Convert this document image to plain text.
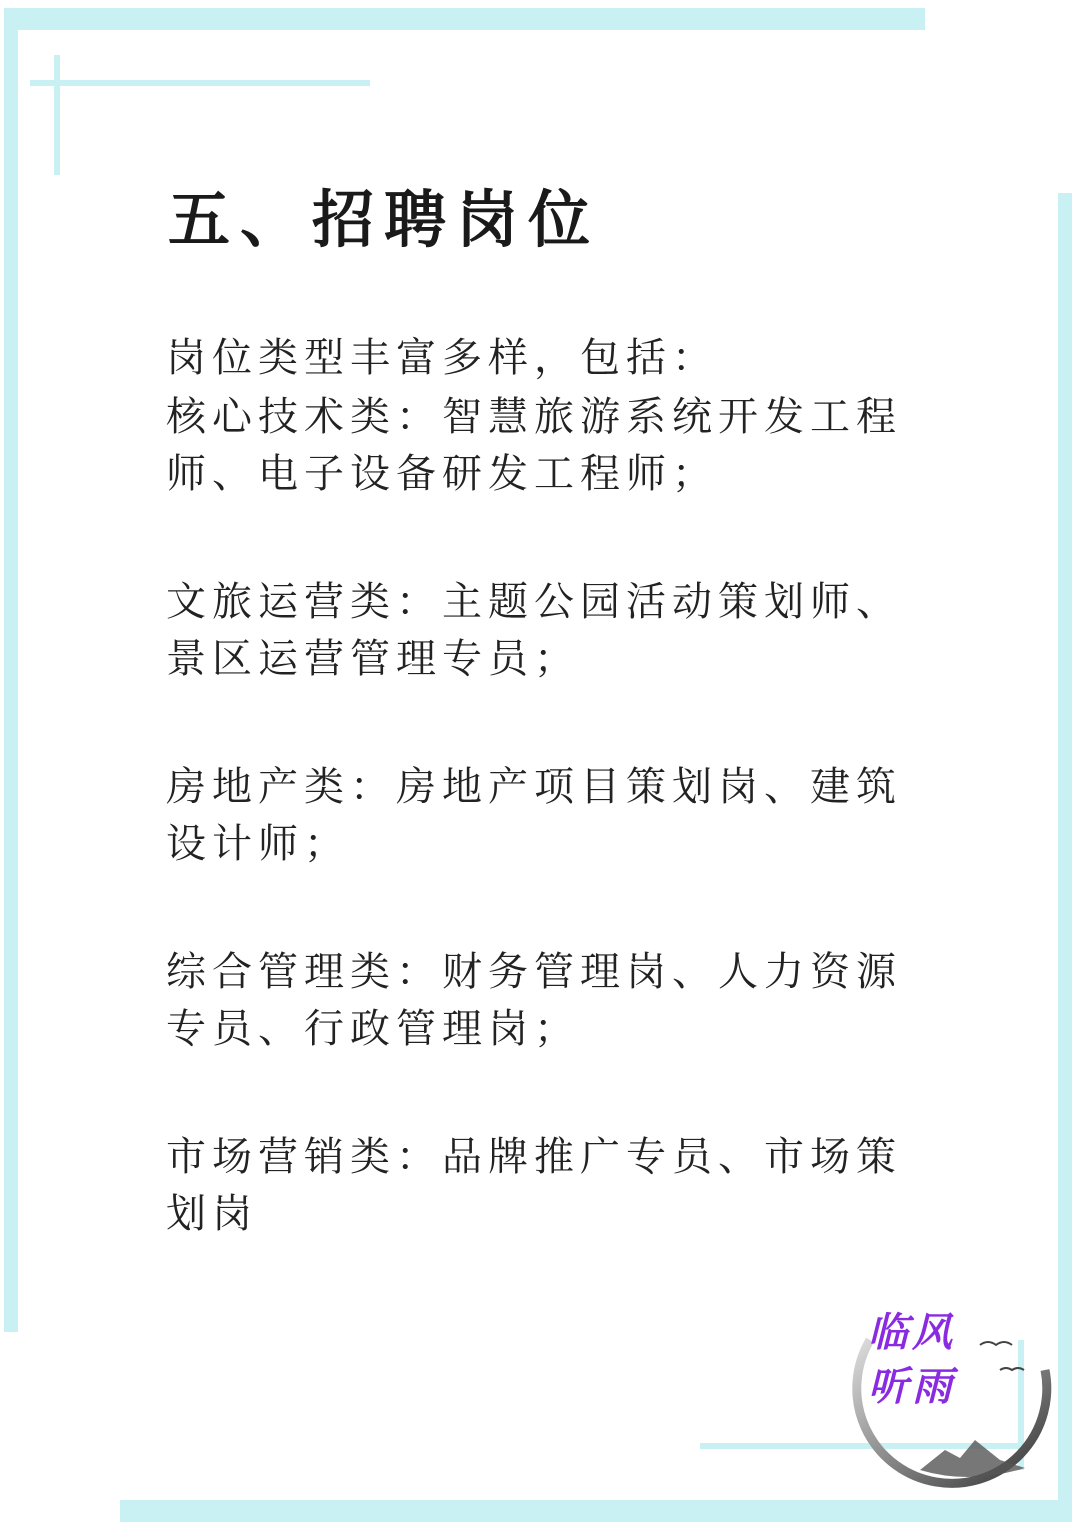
五、招聘岗位

岗位类型丰富多样，包括：

核心技术类：智慧旅游系统开发工程师、电子设备研发工程师；

文旅运营类：主题公园活动策划师、景区运营管理专员；

房地产类：房地产项目策划岗、建筑设计师；

综合管理类：财务管理岗、人力资源专员、行政管理岗；

市场营销类：品牌推广专员、市场策划岗

临风
听雨
